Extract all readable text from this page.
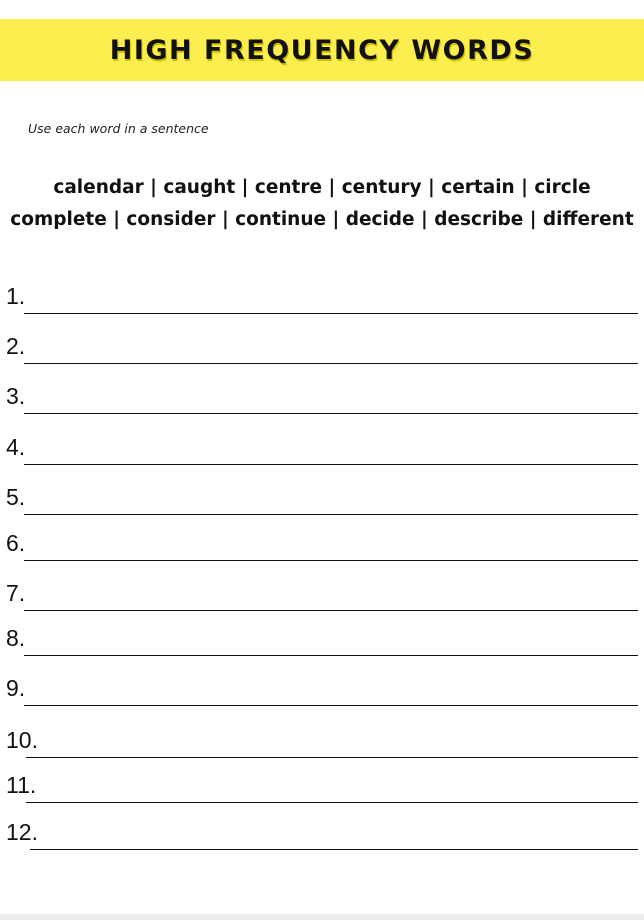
HIGH FREQUENCY WORDS
Use each word in a sentence
calendar | caught | centre | century | certain | circle
complete | consider | continue | decide | describe | different
1.
2.
3.
4.
5.
6.
7.
8.
9.
10.
11.
12.
